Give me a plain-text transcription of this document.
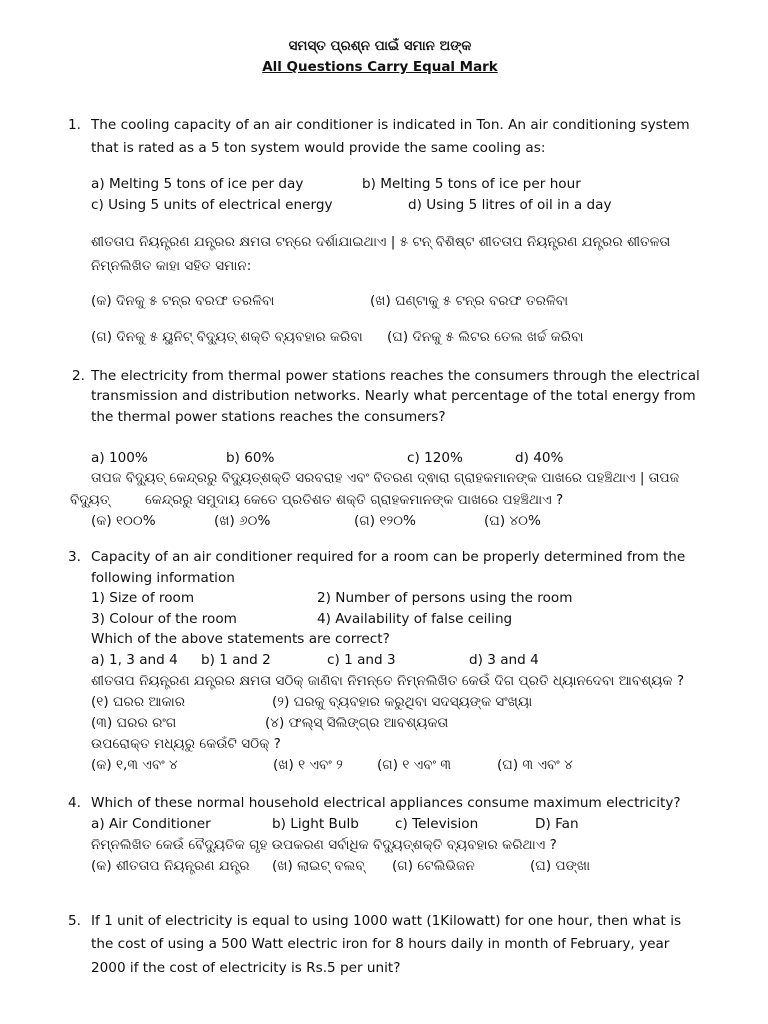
ସମସ୍ତ ପ୍ରଶ୍ନ ପାଇଁ ସମାନ ଅଙ୍କ
All Questions Carry Equal Mark
1. The cooling capacity of an air conditioner is indicated in Ton. An air conditioning system
that is rated as a 5 ton system would provide the same cooling as:
a) Melting 5 tons of ice per day	b) Melting 5 tons of ice per hour
c) Using 5 units of electrical energy	d) Using 5 litres of oil in a day
ଶୀତତାପ ନିୟନ୍ତ୍ରଣ ଯନ୍ତ୍ରର କ୍ଷମତା ଟନ୍‌ରେ ଦର୍ଶାଯାଇଥାଏ | ୫ ଟନ୍ ବିଶିଷ୍ଟ ଶୀତତାପ ନିୟନ୍ତ୍ରଣ ଯନ୍ତ୍ରର ଶୀତଳତା
ନିମ୍ନଲିଖିତ କାହା ସହିତ ସମାନ:
(କ) ଦିନକୁ ୫ ଟନ୍‌ର ବରଫ ତରଳିବା	(ଖ) ଘଣ୍ଟାକୁ ୫ ଟନ୍‌ର ବରଫ ତରଳିବା
(ଗ) ଦିନକୁ ୫ ୟୁନିଟ୍ ବିଦ୍ୟୁତ୍ ଶକ୍ତି ବ୍ୟବହାର କରିବା (ଘ) ଦିନକୁ ୫ ଲିଟର ତେଲ ଖର୍ଚ୍ଚ କରିବା
2. The electricity from thermal power stations reaches the consumers through the electrical
transmission and distribution networks. Nearly what percentage of the total energy from
the thermal power stations reaches the consumers?
a) 100%	b) 60%	c) 120%	d) 40%
ତାପଜ ବିଦ୍ୟୁତ୍ କେନ୍ଦ୍ରରୁ ବିଦ୍ୟୁତ୍‌ଶକ୍ତି ସରବରାହ ଏବଂ ବିତରଣ ଦ୍ଵାରା ଗ୍ରାହକମାନଙ୍କ ପାଖରେ ପହଞ୍ଚିଥାଏ | ତାପଜ
ବିଦ୍ୟୁତ୍	କେନ୍ଦ୍ରରୁ ସମୁଦାୟ କେତେ ପ୍ରତିଶତ ଶକ୍ତି ଗ୍ରାହକମାନଙ୍କ ପାଖରେ ପହଞ୍ଚିଥାଏ ?
(କ) ୧୦୦%	(ଖ) ୬୦%	(ଗ) ୧୨୦%	(ଘ) ୪୦%
3. Capacity of an air conditioner required for a room can be properly determined from the
following information
1) Size of room	2) Number of persons using the room
3) Colour of the room	4) Availability of false ceiling
Which of the above statements are correct?
a) 1, 3 and 4 b) 1 and 2	c) 1 and 3	d) 3 and 4
ଶୀତତାପ ନିୟନ୍ତ୍ରଣ ଯନ୍ତ୍ରର କ୍ଷମତା ସଠିକ୍ ଜାଣିବା ନିମନ୍ତେ ନିମ୍ନଲିଖିତ କେଉଁ ଦିଗ ପ୍ରତି ଧ୍ୟାନଦେବା ଆବଶ୍ୟକ ?
(୧) ଘରର ଆକାର	(୨) ଘରକୁ ବ୍ୟବହାର କରୁଥିବା ସଦସ୍ୟଙ୍କ ସଂଖ୍ୟା
(୩) ଘରର ରଂଗ	(୪) ଫଲ୍ସ୍ ସିଲିଙ୍ଗ୍‌ର ଆବଶ୍ୟକତା
ଉପରୋକ୍ତ ମଧ୍ୟରୁ କେଉଁଟି ସଠିକ୍ ?
(କ) ୧,୩ ଏବଂ ୪	(ଖ) ୧ ଏବଂ ୨	(ଗ) ୧ ଏବଂ ୩	(ଘ) ୩ ଏବଂ ୪
4. Which of these normal household electrical appliances consume maximum electricity?
a) Air Conditioner	b) Light Bulb	c) Television	D) Fan
ନିମ୍ନଲିଖିତ କେଉଁ ବୈଦ୍ୟୁତିକ ଗୃହ ଉପକରଣ ସର୍ବାଧିକ ବିଦ୍ୟୁତ୍‌ଶକ୍ତି ବ୍ୟବହାର କରିଥାଏ ?
(କ) ଶୀତତାପ ନିୟନ୍ତ୍ରଣ ଯନ୍ତ୍ର (ଖ) ଲାଇଟ୍ ବଲବ୍ (ଗ) ଟେଲିଭିଜନ	(ଘ) ପଙ୍ଖା
5. If 1 unit of electricity is equal to using 1000 watt (1Kilowatt) for one hour, then what is
the cost of using a 500 Watt electric iron for 8 hours daily in month of February, year
2000 if the cost of electricity is Rs.5 per unit?
